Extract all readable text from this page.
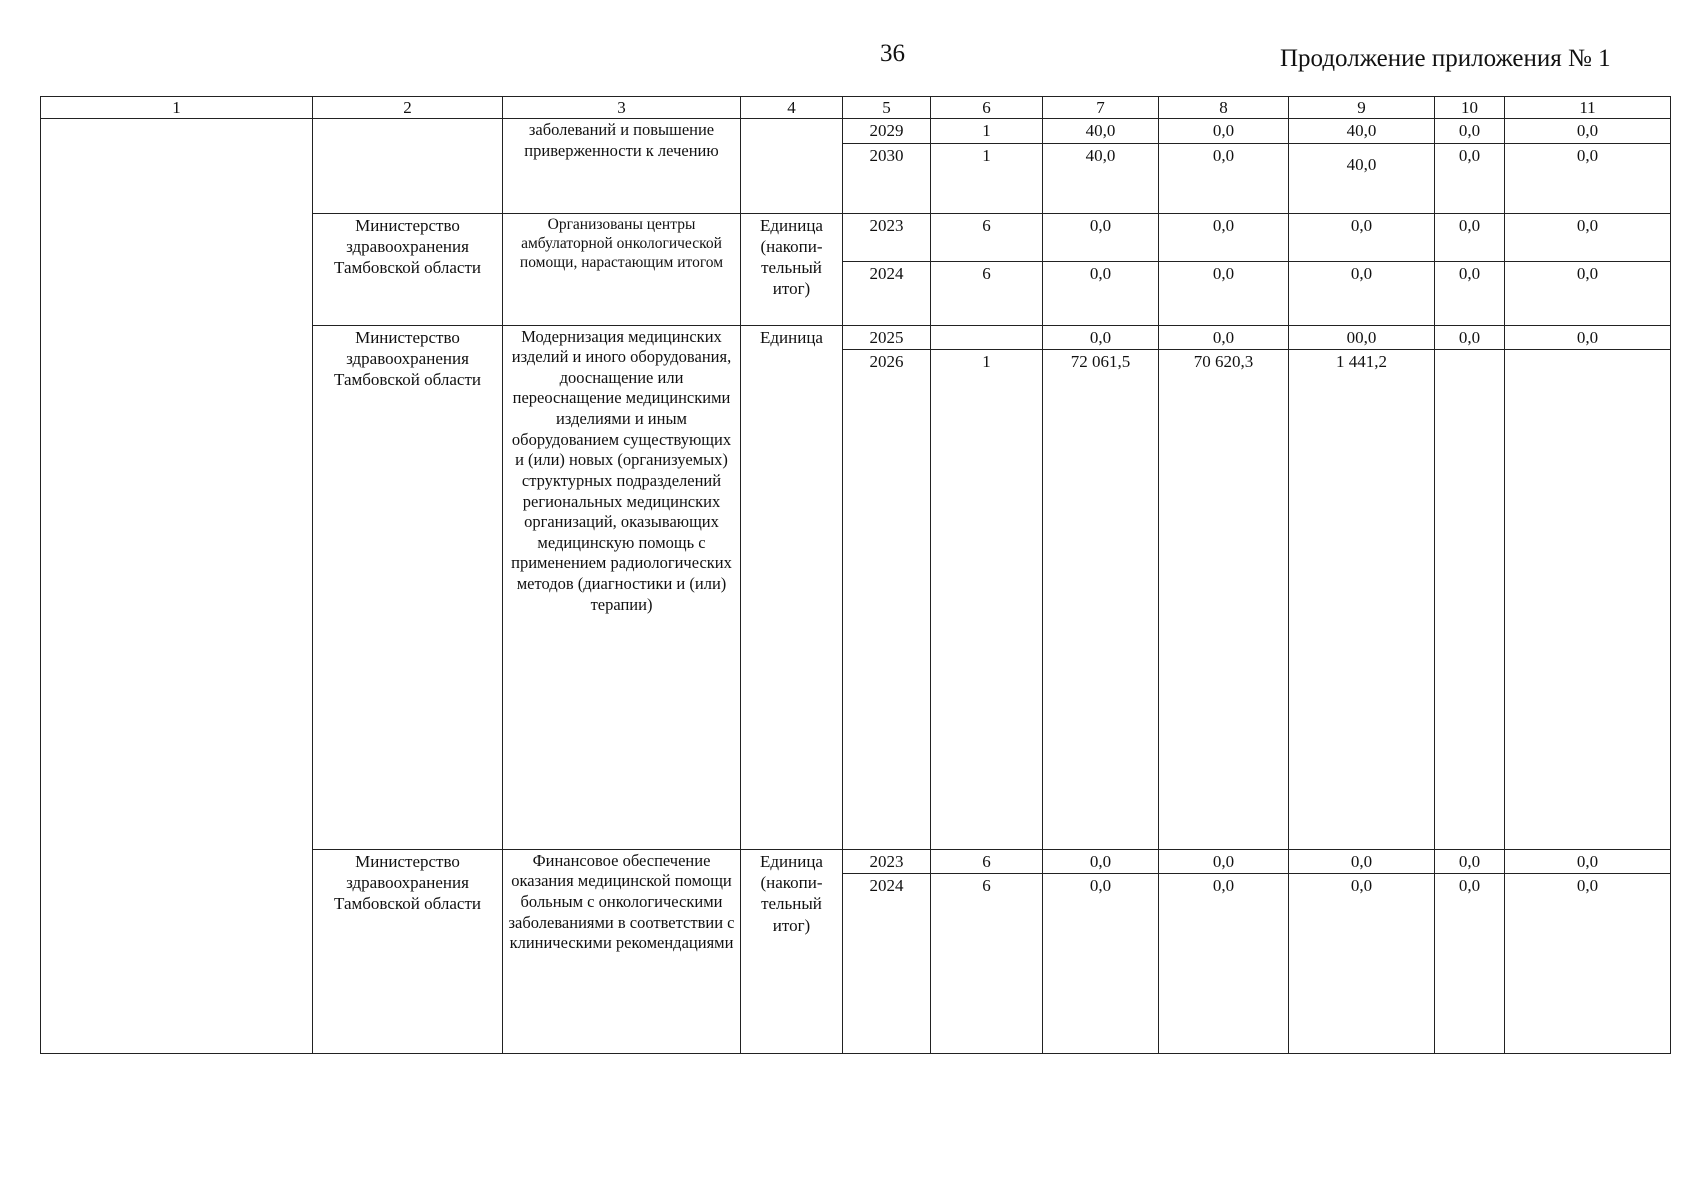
36	Продолжение приложения № 1
1	2	3	4	5	6	7	8	9	10	11
		заболеваний и повышение приверженности к лечению		2029	1	40,0	0,0	40,0	0,0	0,0
				2030	1	40,0	0,0	40,0	0,0	0,0
	Министерство здравоохранения Тамбовской области	Организованы центры амбулаторной онкологической помощи, нарастающим итогом	Единица (накопи-тельный итог)	2023	6	0,0	0,0	0,0	0,0	0,0
				2024	6	0,0	0,0	0,0	0,0	0,0
	Министерство здравоохранения Тамбовской области	Модернизация медицинских изделий и иного оборудования, дооснащение или переоснащение медицинскими изделиями и иным оборудованием существующих и (или) новых (организуемых) структурных подразделений региональных медицинских организаций, оказывающих медицинскую помощь с применением радиологических методов (диагностики и (или) терапии)	Единица	2025		0,0	0,0	00,0	0,0	0,0
				2026	1	72 061,5	70 620,3	1 441,2		
	Министерство здравоохранения Тамбовской области	Финансовое обеспечение оказания медицинской помощи больным с онкологическими заболеваниями в соответствии с клиническими рекомендациями	Единица (накопи-тельный итог)	2023	6	0,0	0,0	0,0	0,0	0,0
				2024	6	0,0	0,0	0,0	0,0	0,0
